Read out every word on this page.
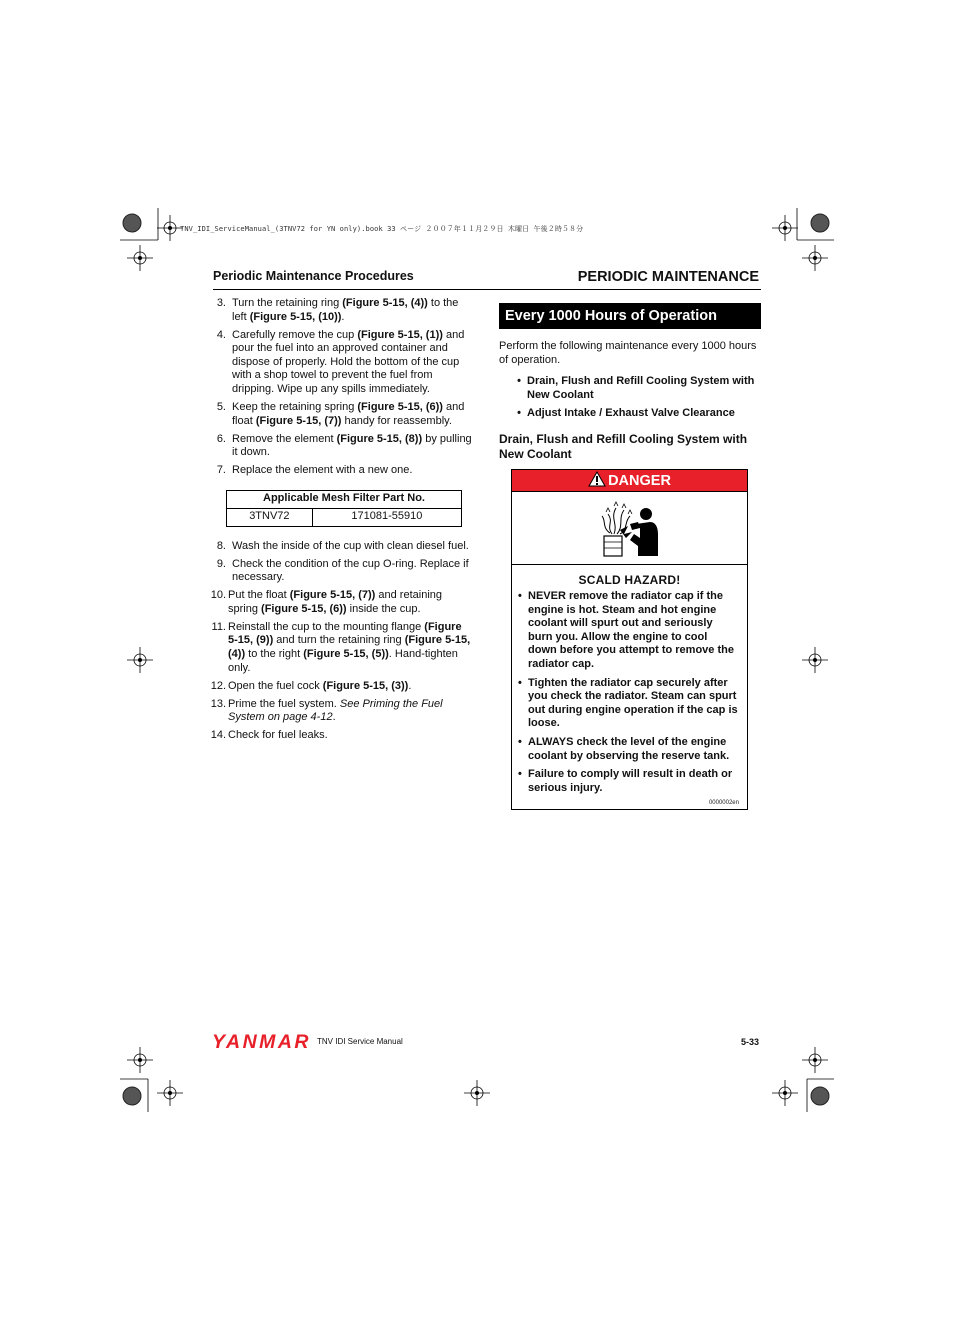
TNV_IDI_ServiceManual_(3TNV72 for YN only).book 33 ページ ２００７年１１月２９日 木曜日 午後２時５８分
Periodic Maintenance Procedures	PERIODIC MAINTENANCE
3. Turn the retaining ring (Figure 5-15, (4)) to the left (Figure 5-15, (10)).
4. Carefully remove the cup (Figure 5-15, (1)) and pour the fuel into an approved container and dispose of properly. Hold the bottom of the cup with a shop towel to prevent the fuel from dripping. Wipe up any spills immediately.
5. Keep the retaining spring (Figure 5-15, (6)) and float (Figure 5-15, (7)) handy for reassembly.
6. Remove the element (Figure 5-15, (8)) by pulling it down.
7. Replace the element with a new one.
Applicable Mesh Filter Part No.
3TNV72	171081-55910
8. Wash the inside of the cup with clean diesel fuel.
9. Check the condition of the cup O-ring. Replace if necessary.
10. Put the float (Figure 5-15, (7)) and retaining spring (Figure 5-15, (6)) inside the cup.
11. Reinstall the cup to the mounting flange (Figure 5-15, (9)) and turn the retaining ring (Figure 5-15, (4)) to the right (Figure 5-15, (5)). Hand-tighten only.
12. Open the fuel cock (Figure 5-15, (3)).
13. Prime the fuel system. See Priming the Fuel System on page 4-12.
14. Check for fuel leaks.
Every 1000 Hours of Operation
Perform the following maintenance every 1000 hours of operation.
• Drain, Flush and Refill Cooling System with New Coolant
• Adjust Intake / Exhaust Valve Clearance
Drain, Flush and Refill Cooling System with New Coolant
DANGER
SCALD HAZARD!
• NEVER remove the radiator cap if the engine is hot. Steam and hot engine coolant will spurt out and seriously burn you. Allow the engine to cool down before you attempt to remove the radiator cap.
• Tighten the radiator cap securely after you check the radiator. Steam can spurt out during engine operation if the cap is loose.
• ALWAYS check the level of the engine coolant by observing the reserve tank.
• Failure to comply will result in death or serious injury.
0000002en
YANMAR TNV IDI Service Manual	5-33
